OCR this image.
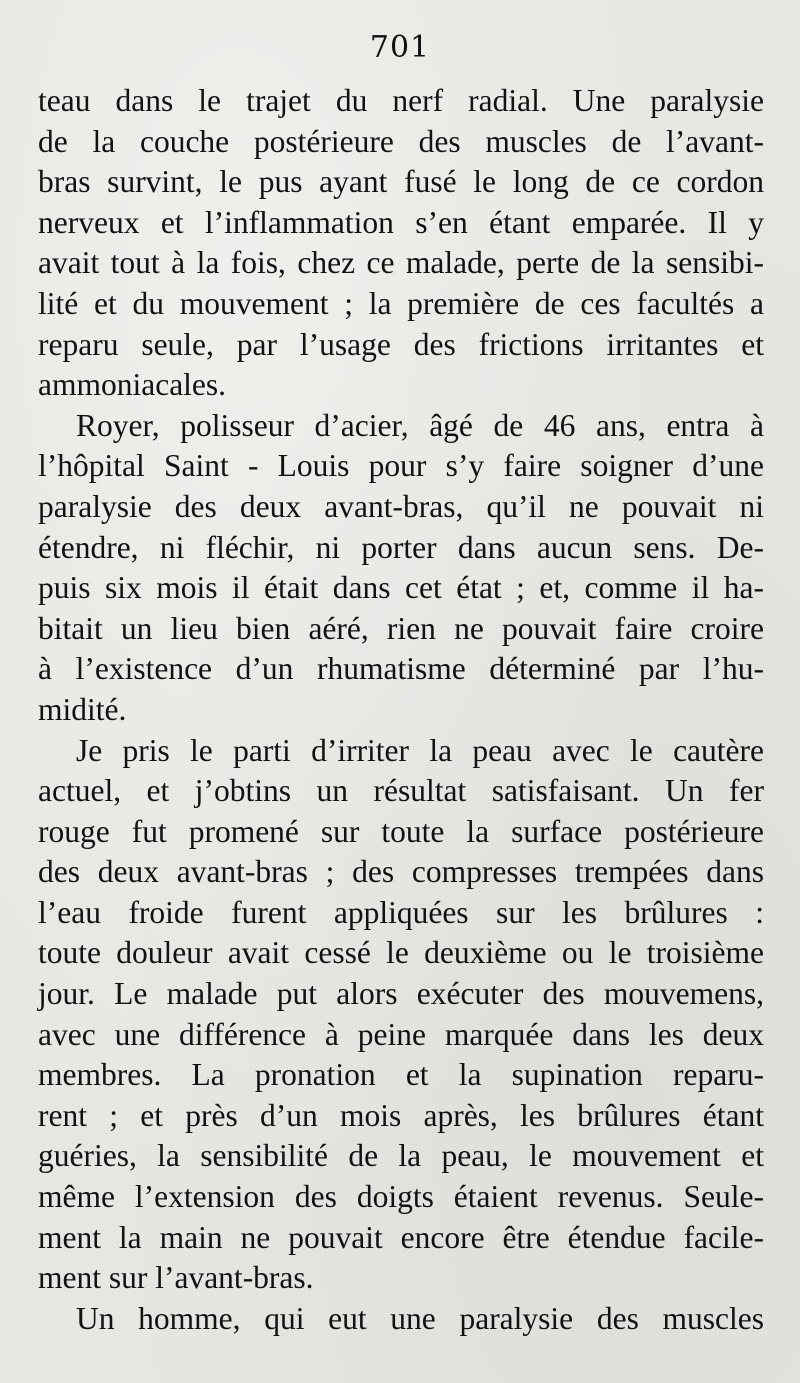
701
teau dans le trajet du nerf radial. Une paralysie
de la couche postérieure des muscles de l’avant-
bras survint, le pus ayant fusé le long de ce cordon
nerveux et l’inflammation s’en étant emparée. Il y
avait tout à la fois, chez ce malade, perte de la sensibi-
lité et du mouvement ; la première de ces facultés a
reparu seule, par l’usage des frictions irritantes et
ammoniacales.
Royer, polisseur d’acier, âgé de 46 ans, entra à
l’hôpital Saint - Louis pour s’y faire soigner d’une
paralysie des deux avant-bras, qu’il ne pouvait ni
étendre, ni fléchir, ni porter dans aucun sens. De-
puis six mois il était dans cet état ; et, comme il ha-
bitait un lieu bien aéré, rien ne pouvait faire croire
à l’existence d’un rhumatisme déterminé par l’hu-
midité.
Je pris le parti d’irriter la peau avec le cautère
actuel, et j’obtins un résultat satisfaisant. Un fer
rouge fut promené sur toute la surface postérieure
des deux avant-bras ; des compresses trempées dans
l’eau froide furent appliquées sur les brûlures :
toute douleur avait cessé le deuxième ou le troisième
jour. Le malade put alors exécuter des mouvemens,
avec une différence à peine marquée dans les deux
membres. La pronation et la supination reparu-
rent ; et près d’un mois après, les brûlures étant
guéries, la sensibilité de la peau, le mouvement et
même l’extension des doigts étaient revenus. Seule-
ment la main ne pouvait encore être étendue facile-
ment sur l’avant-bras.
Un homme, qui eut une paralysie des muscles
